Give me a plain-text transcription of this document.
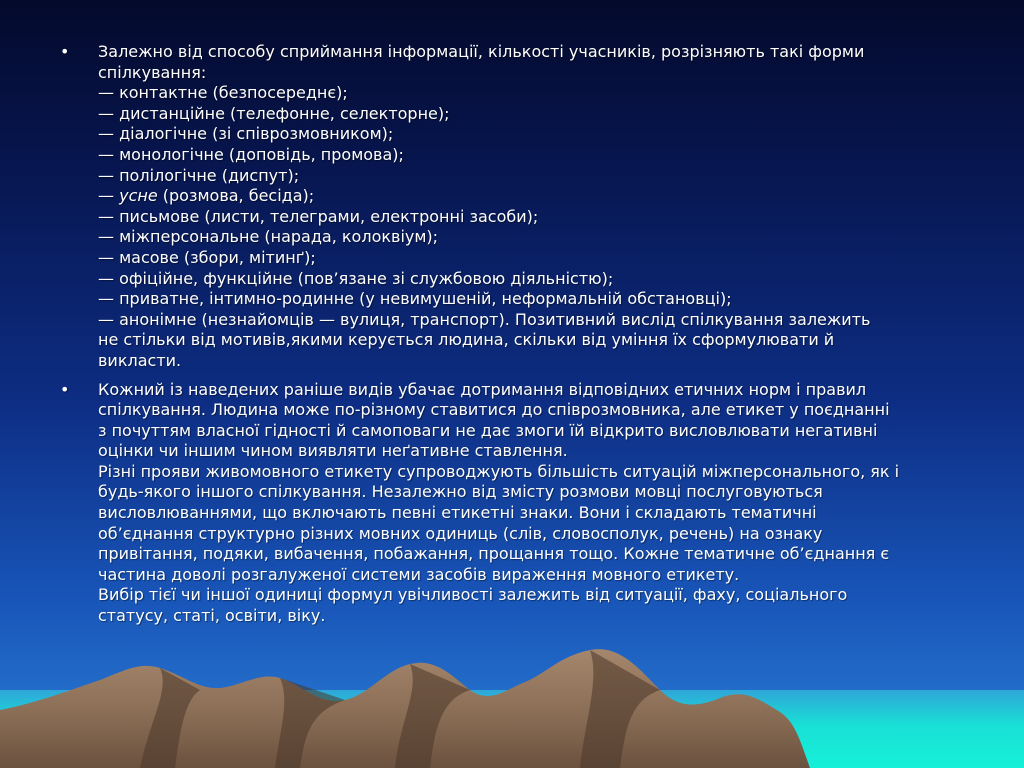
•	Залежно від способу сприймання інформації, кількості учасників, розрізняють такі форми
спілкування:
— контактне (безпосереднє);
— дистанційне (телефонне, селекторне);
— діалогічне (зі співрозмовником);
— монологічне (доповідь, промова);
— полілогічне (диспут);
— усне (розмова, бесіда);
— письмове (листи, телеграми, електронні засоби);
— міжперсональне (нарада, колоквіум);
— масове (збори, мітинґ);
— офіційне, функційне (пов’язане зі службовою діяльністю);
— приватне, інтимно-родинне (у невимушеній, неформальній обстановці);
— анонімне (незнайомців — вулиця, транспорт). Позитивний вислід спілкування залежить
не стільки від мотивів,якими керується людина, скільки від уміння їх сформулювати й
викласти.
•	Кожний із наведених раніше видів убачає дотримання відповідних етичних норм і правил
спілкування. Людина може по-різному ставитися до співрозмовника, але етикет у поєднанні
з почуттям власної гідності й самоповаги не дає змоги їй відкрито висловлювати негативні
оцінки чи іншим чином виявляти неґативне ставлення.
Різні прояви живомовного етикету супроводжують більшість ситуацій міжперсонального, як і
будь-якого іншого спілкування. Незалежно від змісту розмови мовці послуговуються
висловлюваннями, що включають певні етикетні знаки. Вони і складають тематичні
об’єднання структурно різних мовних одиниць (слів, словосполук, речень) на ознаку
привітання, подяки, вибачення, побажання, прощання тощо. Кожне тематичне об’єднання є
частина доволі розгалуженої системи засобів вираження мовного етикету.
Вибір тієї чи іншої одиниці формул увічливості залежить від ситуації, фаху, соціального
статусу, статі, освіти, віку.
